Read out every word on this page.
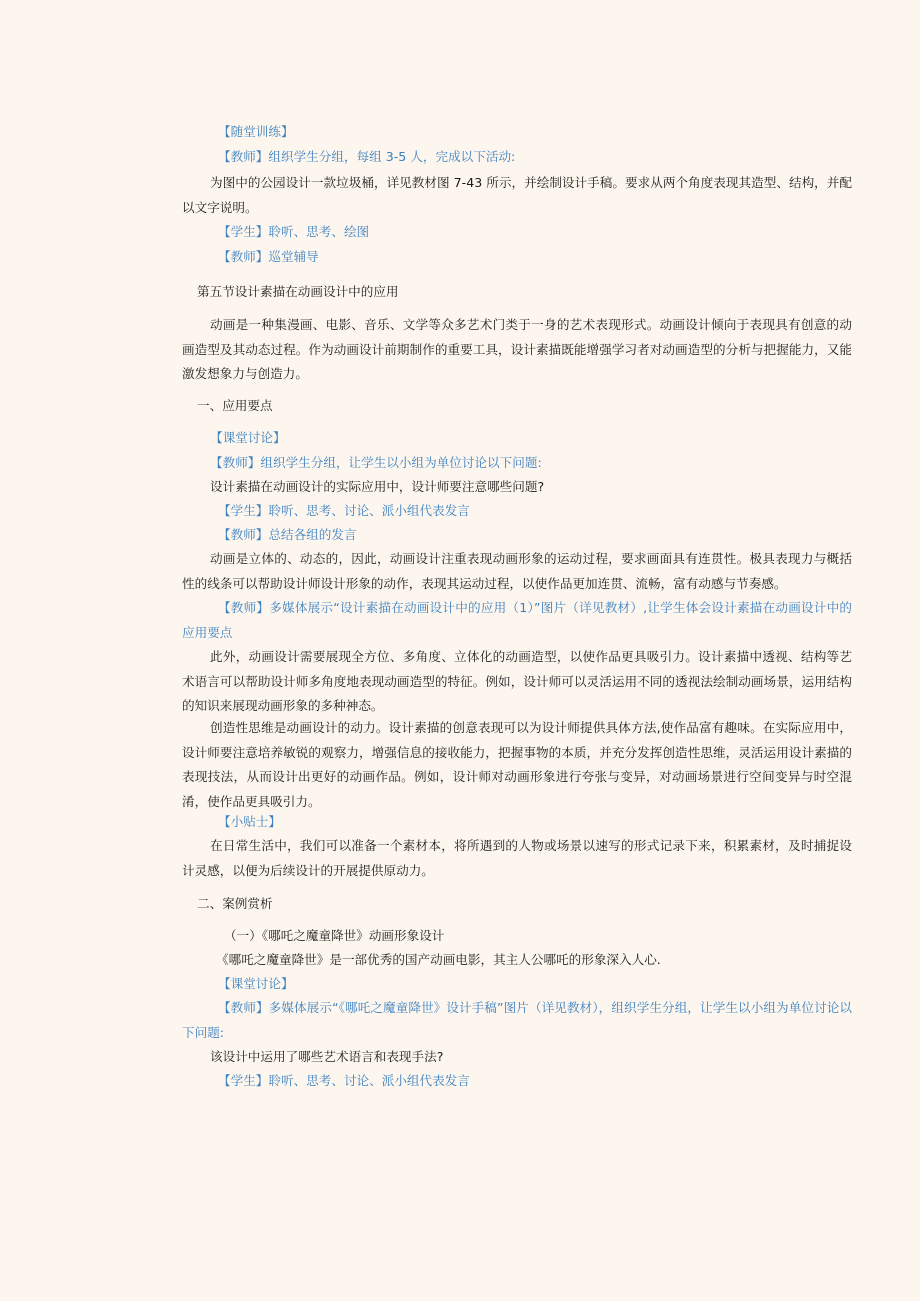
【随堂训练】
【教师】组织学生分组，每组 3-5 人，完成以下活动:
为图中的公园设计一款垃圾桶，详见教材图 7-43 所示，并绘制设计手稿。要求从两个角度表现其造型、结构，并配以文字说明。
【学生】聆听、思考、绘图
【教师】巡堂辅导
第五节设计素描在动画设计中的应用
动画是一种集漫画、电影、音乐、文学等众多艺术门类于一身的艺术表现形式。动画设计倾向于表现具有创意的动画造型及其动态过程。作为动画设计前期制作的重要工具，设计素描既能增强学习者对动画造型的分析与把握能力，又能激发想象力与创造力。
一、应用要点
【课堂讨论】
【教师】组织学生分组，让学生以小组为单位讨论以下问题:
设计素描在动画设计的实际应用中，设计师要注意哪些问题?
【学生】聆听、思考、讨论、派小组代表发言
【教师】总结各组的发言
动画是立体的、动态的，因此，动画设计注重表现动画形象的运动过程，要求画面具有连贯性。极具表现力与概括性的线条可以帮助设计师设计形象的动作，表现其运动过程，以使作品更加连贯、流畅，富有动感与节奏感。
【教师】多媒体展示“设计素描在动画设计中的应用（1）”图片（详见教材）,让学生体会设计素描在动画设计中的应用要点
此外，动画设计需要展现全方位、多角度、立体化的动画造型，以使作品更具吸引力。设计素描中透视、结构等艺术语言可以帮助设计师多角度地表现动画造型的特征。例如，设计师可以灵活运用不同的透视法绘制动画场景，运用结构的知识来展现动画形象的多种神态。
创造性思维是动画设计的动力。设计素描的创意表现可以为设计师提供具体方法,使作品富有趣味。在实际应用中，设计师要注意培养敏锐的观察力，增强信息的接收能力，把握事物的本质，并充分发挥创造性思维，灵活运用设计素描的表现技法，从而设计出更好的动画作品。例如，设计师对动画形象进行夸张与变异，对动画场景进行空间变异与时空混淆，使作品更具吸引力。
【小贴士】
在日常生活中，我们可以准备一个素材本，将所遇到的人物或场景以速写的形式记录下来，积累素材，及时捕捉设计灵感，以便为后续设计的开展提供原动力。
二、案例赏析
（一）《哪吒之魔童降世》动画形象设计
《哪吒之魔童降世》是一部优秀的国产动画电影，其主人公哪吒的形象深入人心.
【课堂讨论】
【教师】多媒体展示“《哪吒之魔童降世》设计手稿”图片（详见教材），组织学生分组，让学生以小组为单位讨论以下问题:
该设计中运用了哪些艺术语言和表现手法?
【学生】聆听、思考、讨论、派小组代表发言
